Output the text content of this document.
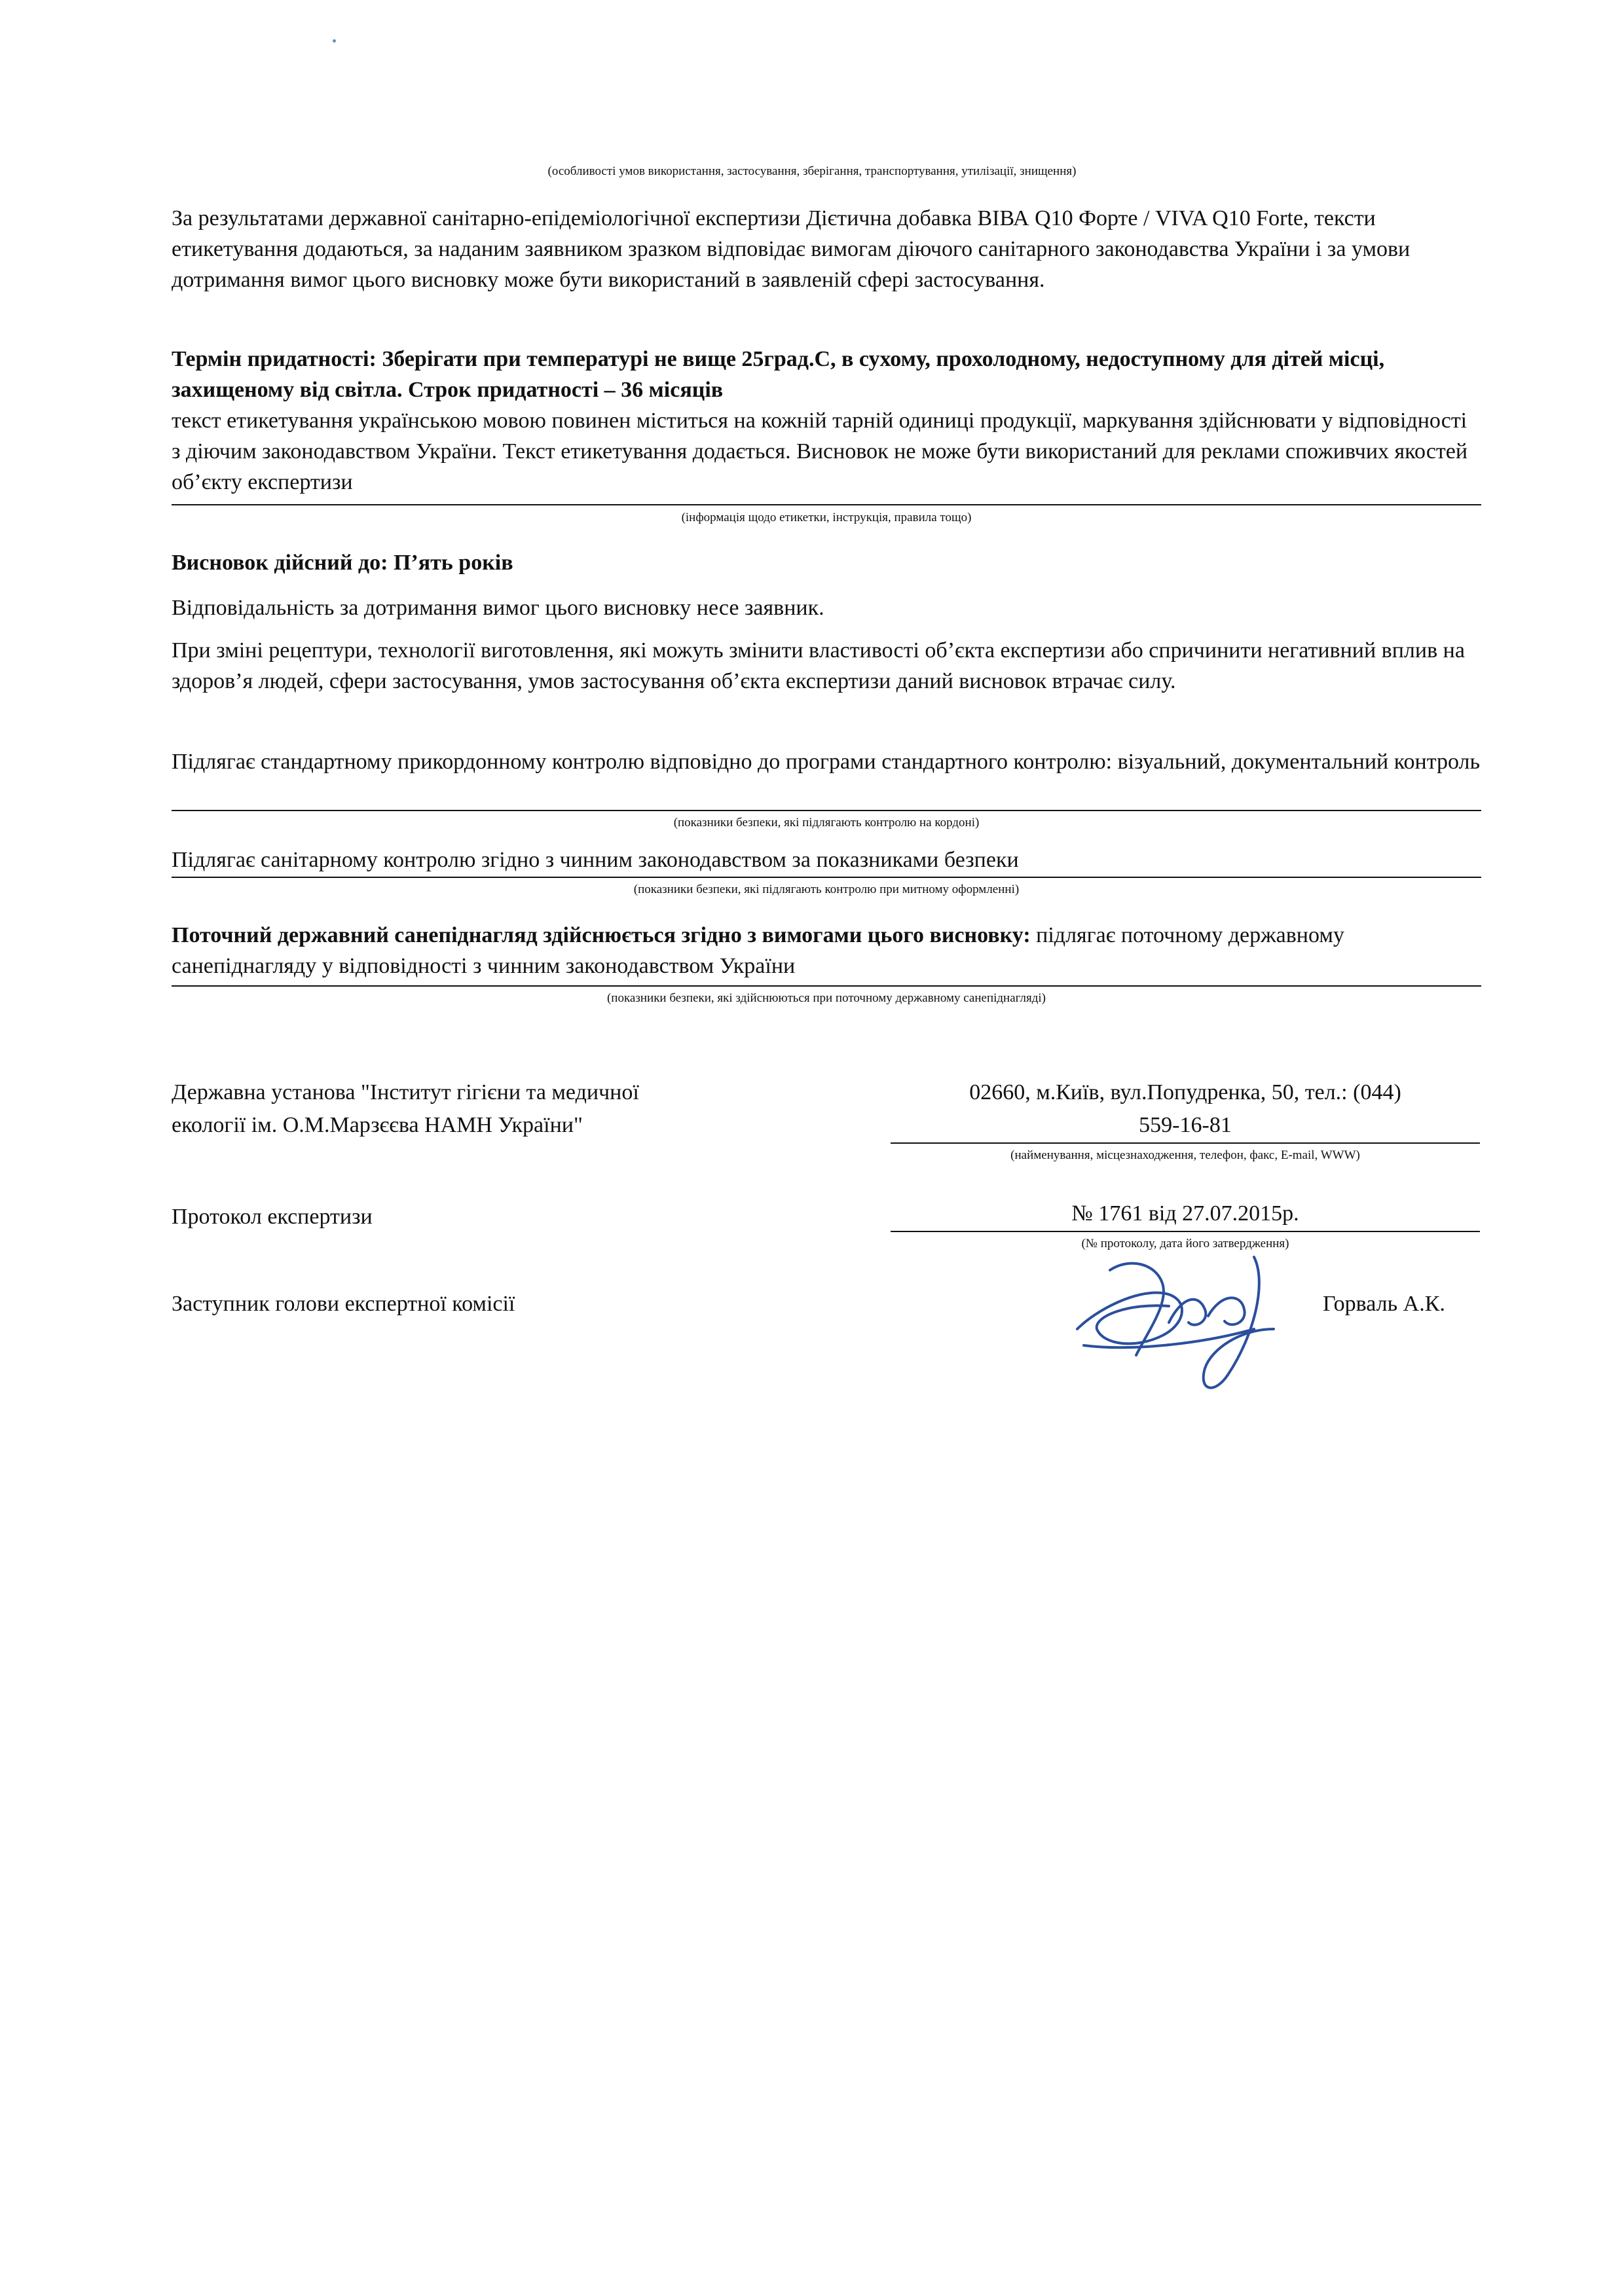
(особливості умов використання, застосування, зберігання, транспортування, утилізації, знищення)
За результатами державної санітарно-епідеміологічної експертизи Дієтична добавка ВІВА Q10 Форте / VIVA Q10 Forte, тексти етикетування додаються, за наданим заявником зразком відповідає вимогам діючого санітарного законодавства України і за умови дотримання вимог цього висновку може бути використаний в заявленій сфері застосування.
Термін придатності: Зберігати при температурі не вище 25град.С, в сухому, прохолодному, недоступному для дітей місці, захищеному від світла. Строк придатності – 36 місяців
текст етикетування українською мовою повинен міститься на кожній тарній одиниці продукції, маркування здійснювати у відповідності з діючим законодавством України. Текст етикетування додається. Висновок не може бути використаний для реклами споживчих якостей об’єкту експертизи
(інформація щодо етикетки, інструкція, правила тощо)
Висновок дійсний до: П’ять років
Відповідальність за дотримання вимог цього висновку несе заявник.
При зміні рецептури, технології виготовлення, які можуть змінити властивості об’єкта експертизи або спричинити негативний вплив на здоров’я людей, сфери застосування, умов застосування об’єкта експертизи даний висновок втрачає силу.
Підлягає стандартному прикордонному контролю відповідно до програми стандартного контролю: візуальний, документальний контроль
(показники безпеки, які підлягають контролю на кордоні)
Підлягає санітарному контролю згідно з чинним законодавством за показниками безпеки
(показники безпеки, які підлягають контролю при митному оформленні)
Поточний державний санепіднагляд здійснюється згідно з вимогами цього висновку: підлягає поточному державному санепіднагляду у відповідності з чинним законодавством України
(показники безпеки, які здійснюються при поточному державному санепіднагляді)
Державна установа "Інститут гігієни та медичної
екології ім. О.М.Марзєєва НАМН України"
02660, м.Київ, вул.Попудренка, 50, тел.: (044)
559-16-81
(найменування, місцезнаходження, телефон, факс, E-mail, WWW)
Протокол експертизи	№ 1761 від 27.07.2015р.
(№ протоколу, дата його затвердження)
Заступник голови експертної комісії	Горваль А.К.
